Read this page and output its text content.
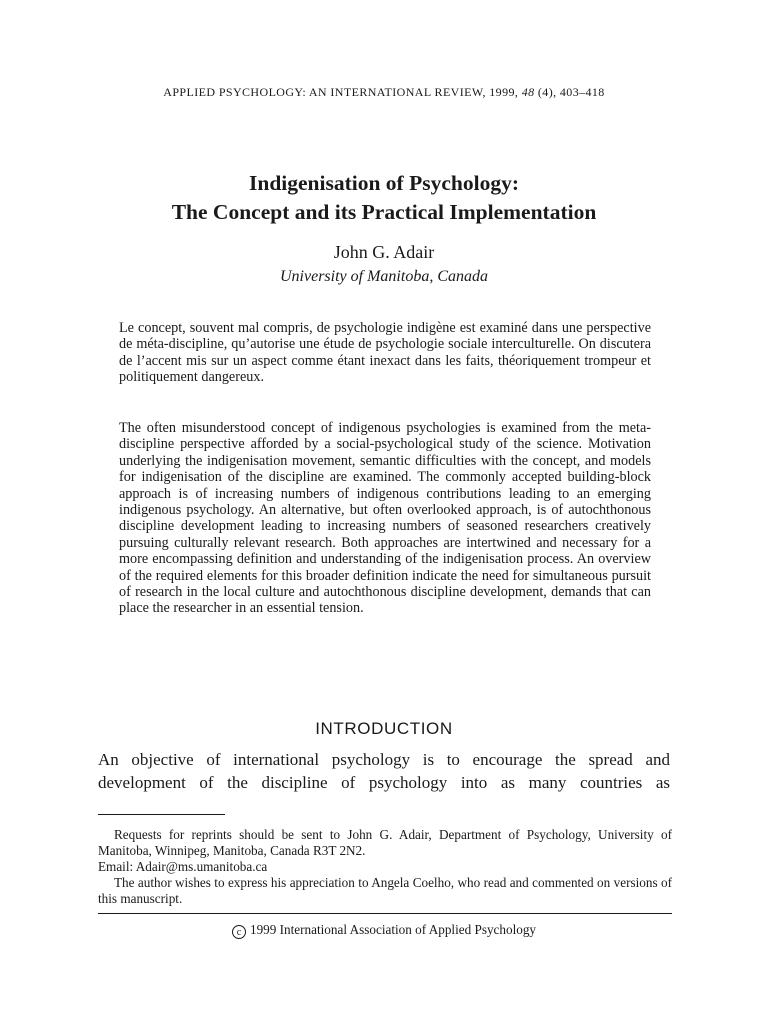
APPLIED PSYCHOLOGY: AN INTERNATIONAL REVIEW, 1999, 48 (4), 403–418
Indigenisation of Psychology:
The Concept and its Practical Implementation
John G. Adair
University of Manitoba, Canada

Le concept, souvent mal compris, de psychologie indigène est examiné dans une perspective de méta-discipline, qu’autorise une étude de psychologie sociale interculturelle. On discutera de l’accent mis sur un aspect comme étant inexact dans les faits, théoriquement trompeur et politiquement dangereux.

The often misunderstood concept of indigenous psychologies is examined from the meta-discipline perspective afforded by a social-psychological study of the science. Motivation underlying the indigenisation movement, semantic difficulties with the concept, and models for indigenisation of the discipline are examined. The commonly accepted building-block approach is of increasing numbers of indigenous contributions leading to an emerging indigenous psychology. An alternative, but often overlooked approach, is of autochthonous discipline development leading to increasing numbers of seasoned researchers creatively pursuing culturally relevant research. Both approaches are intertwined and necessary for a more encompassing definition and understanding of the indigenisation process. An overview of the required elements for this broader definition indicate the need for simultaneous pursuit of research in the local culture and autochthonous discipline development, demands that can place the researcher in an essential tension.

INTRODUCTION

An objective of international psychology is to encourage the spread and development of the discipline of psychology into as many countries as

Requests for reprints should be sent to John G. Adair, Department of Psychology, University of Manitoba, Winnipeg, Manitoba, Canada R3T 2N2.

Email: Adair@ms.umanitoba.ca

The author wishes to express his appreciation to Angela Coelho, who read and commented on versions of this manuscript.

c 1999 International Association of Applied Psychology
